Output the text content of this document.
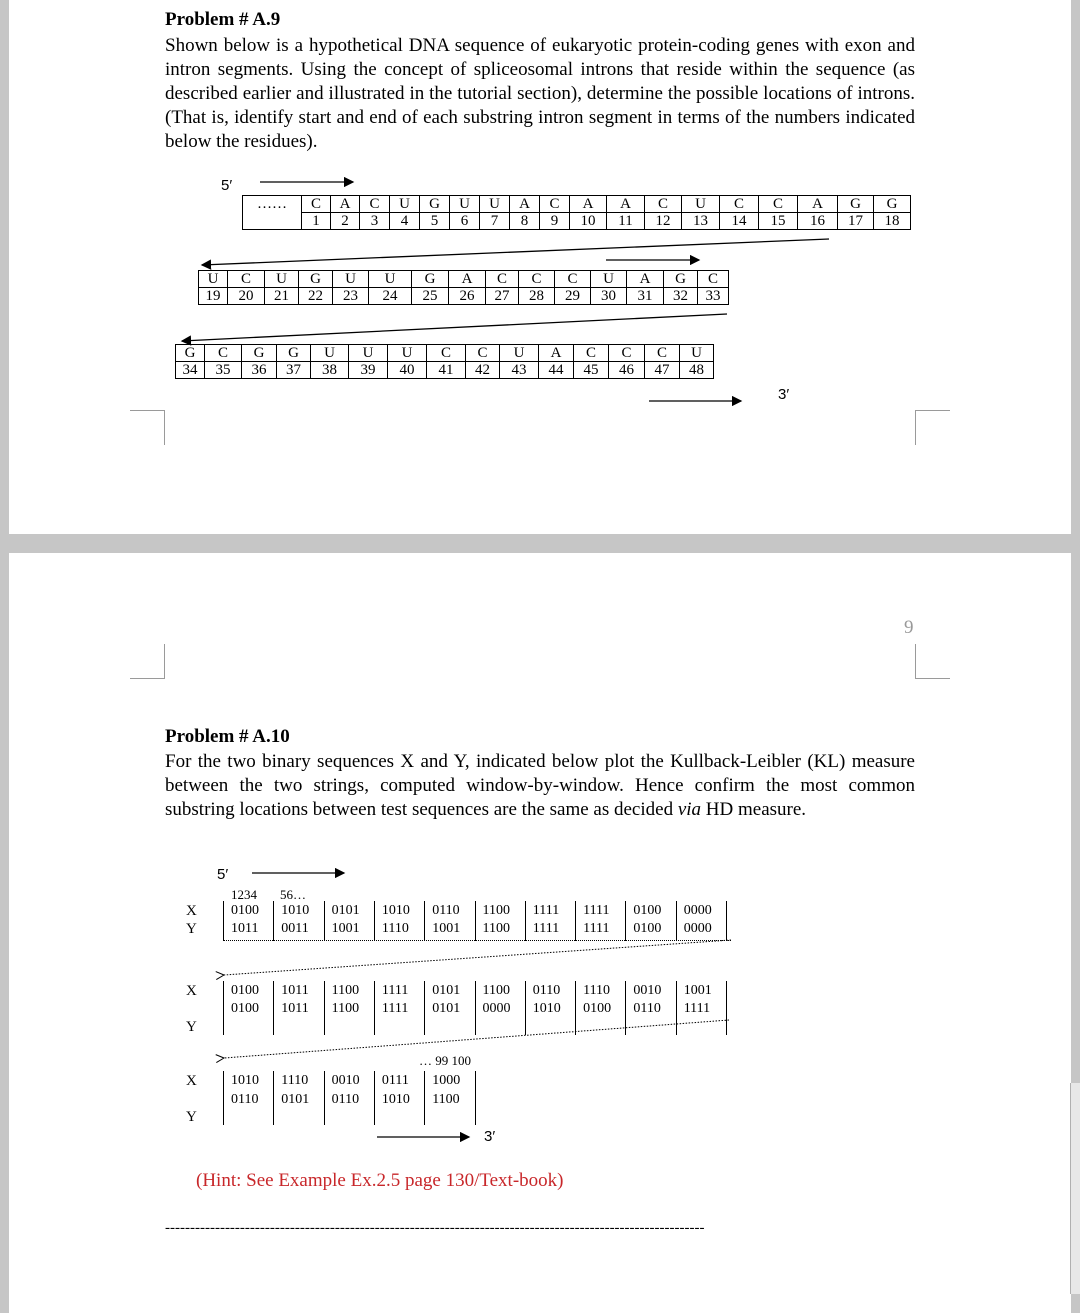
Problem # A.9
Shown below is a hypothetical DNA sequence of eukaryotic protein-coding genes with exon and intron segments. Using the concept of spliceosomal introns that reside within the sequence (as described earlier and illustrated in the tutorial section), determine the possible locations of introns. (That is, identify start and end of each substring intron segment in terms of the numbers indicated below the residues).
5′
……	C	A	C	U	G	U	U	A	C	A	A	C	U	C	C	A	G	G
	1	2	3	4	5	6	7	8	9	10	11	12	13	14	15	16	17	18
U	C	U	G	U	U	G	A	C	C	C	U	A	G	C
19	20	21	22	23	24	25	26	27	28	29	30	31	32	33
G	C	G	G	U	U	U	C	C	U	A	C	C	C	U
34	35	36	37	38	39	40	41	42	43	44	45	46	47	48
3′
9
Problem # A.10
For the two binary sequences X and Y, indicated below plot the Kullback-Leibler (KL) measure between the two strings, computed window-by-window. Hence confirm the most common substring locations between test sequences are the same as decided via HD measure.
5′
1234 56…
… 99 100
X
Y
X
Y
X
Y
0100 1010 0101 1010 0110 1100 1111 1111 0100 0000
1011 0011 1001 1110 1001 1100 1111 1111 0100 0000
0100 1011 1100 1111 0101 1100 0110 1110 0010 1001
0100 1011 1100 1111 0101 0000 1010 0100 0110 1111
1010 1110 0010 0111 1000
0110 0101 0110 1010 1100
3′
(Hint: See Example Ex.2.5 page 130/Text-book)
------------------------------------------------------------------------------------------------------------
